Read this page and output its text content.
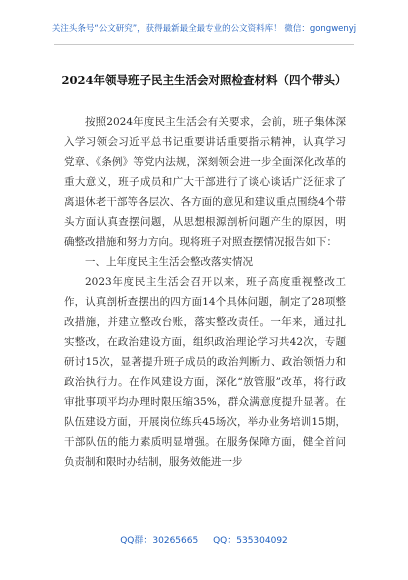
关注头条号“公文研究”，获得最新最全最专业的公文资料库！ 微信：gongwenyj
2024年领导班子民主生活会对照检查材料（四个带头）

按照2024年度民主生活会有关要求，会前，班子集体深入学习领会习近平总书记重要讲话重要指示精神，认真学习党章、《条例》等党内法规，深刻领会进一步全面深化改革的重大意义，班子成员和广大干部进行了谈心谈话广泛征求了离退休老干部等各层次、各方面的意见和建议重点围绕4个带头方面认真查摆问题，从思想根源剖析问题产生的原因，明确整改措施和努力方向。现将班子对照查摆情况报告如下：

一、上年度民主生活会整改落实情况

2023年度民主生活会召开以来，班子高度重视整改工作，认真剖析查摆出的四方面14个具体问题，制定了28项整改措施，并建立整改台账，落实整改责任。一年来，通过扎实整改，在政治建设方面，组织政治理论学习共42次，专题研讨15次，显著提升班子成员的政治判断力、政治领悟力和政治执行力。在作风建设方面，深化“放管服”改革，将行政审批事项平均办理时限压缩35%，群众满意度提升显著。在队伍建设方面，开展岗位练兵45场次，举办业务培训15期，干部队伍的能力素质明显增强。在服务保障方面，健全首问负责制和限时办结制，服务效能进一步

QQ群：30265665 QQ：535304092
